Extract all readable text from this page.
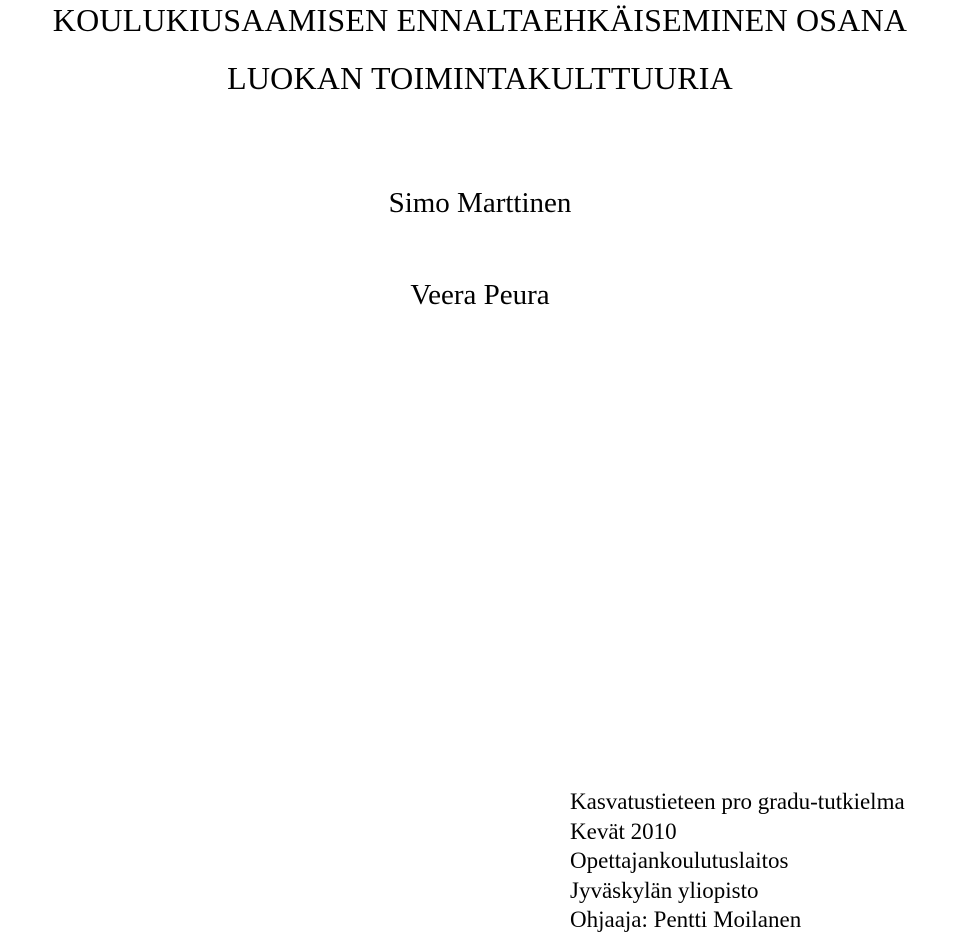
KOULUKIUSAAMISEN ENNALTAEHKÄISEMINEN OSANA
LUOKAN TOIMINTAKULTTUURIA
Simo Marttinen
Veera Peura
Kasvatustieteen pro gradu-tutkielma
Kevät 2010
Opettajankoulutuslaitos
Jyväskylän yliopisto
Ohjaaja: Pentti Moilanen
